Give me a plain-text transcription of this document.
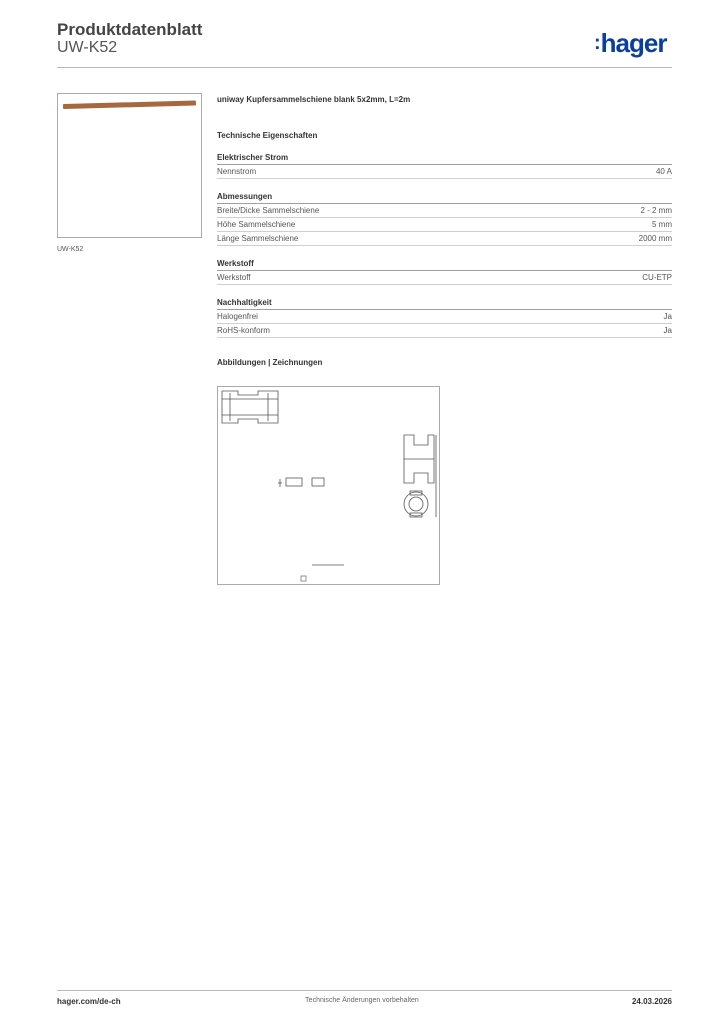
Produktdatenblatt
UW-K52	:hager
UW-K52
uniway Kupfersammelschiene blank 5x2mm, L=2m
Technische Eigenschaften
Elektrischer Strom
Nennstrom	40 A
Abmessungen
Breite/Dicke Sammelschiene	2 - 2 mm
Höhe Sammelschiene	5 mm
Länge Sammelschiene	2000 mm
Werkstoff
Werkstoff	CU-ETP
Nachhaltigkeit
Halogenfrei	Ja
RoHS-konform	Ja
Abbildungen | Zeichnungen
hager.com/de-ch	Technische Änderungen vorbehalten	24.03.2026
